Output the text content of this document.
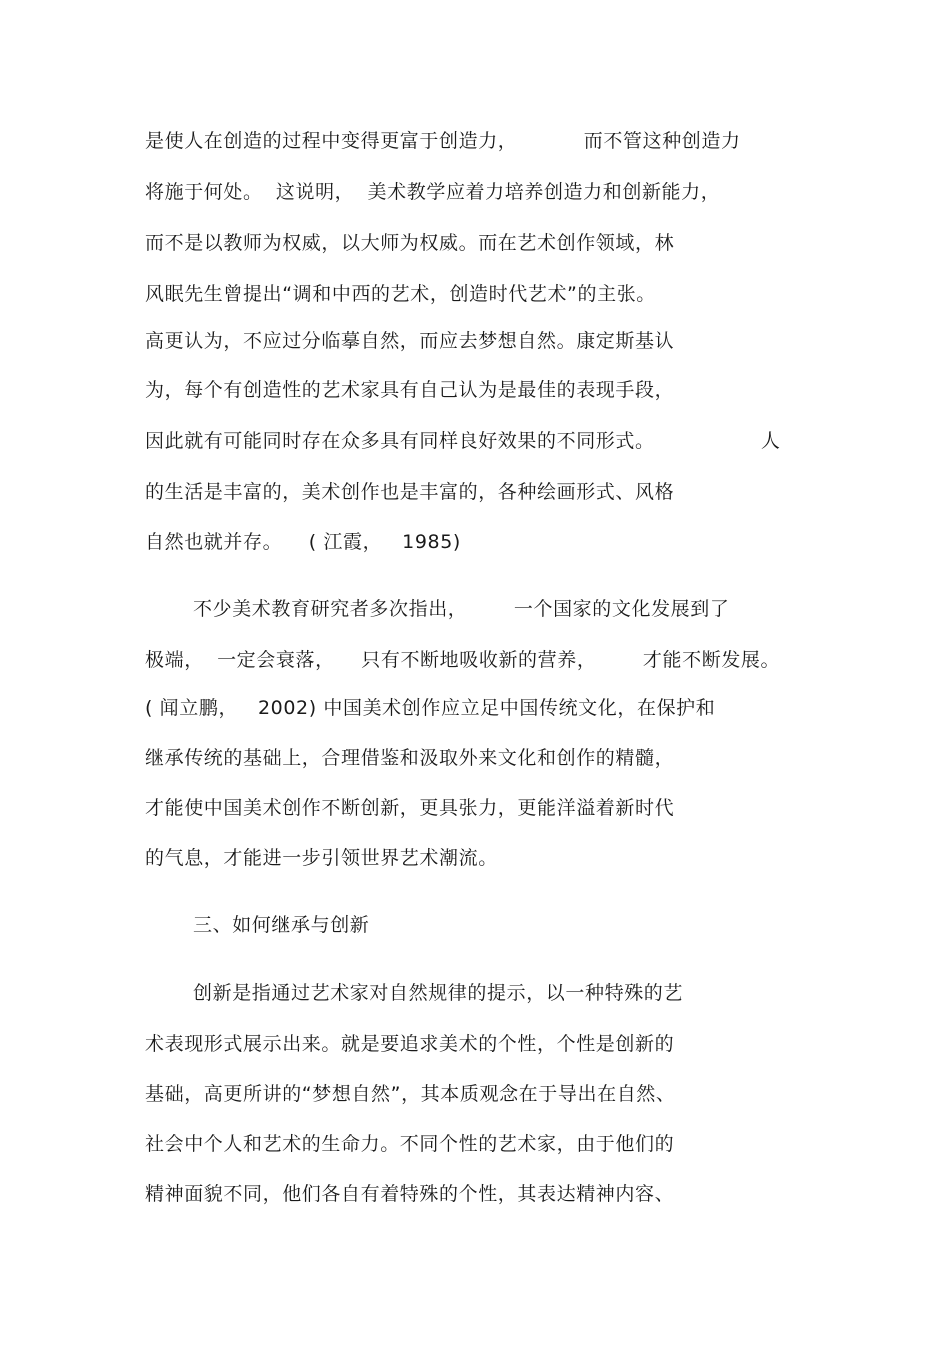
是使人在创造的过程中变得更富于创造力，          而不管这种创造力
将施于何处。  这说明，  美术教学应着力培养创造力和创新能力，
而不是以教师为权威，以大师为权威。而在艺术创作领域，林
风眠先生曾提出“调和中西的艺术，创造时代艺术”的主张。
高更认为，不应过分临摹自然，而应去梦想自然。康定斯基认
为，每个有创造性的艺术家具有自己认为是最佳的表现手段，
因此就有可能同时存在众多具有同样良好效果的不同形式。                人
的生活是丰富的，美术创作也是丰富的，各种绘画形式、风格
自然也就并存。    ( 江霞，   1985)
不少美术教育研究者多次指出，       一个国家的文化发展到了
极端，  一定会衰落，    只有不断地吸收新的营养，       才能不断发展。
( 闻立鹏，   2002) 中国美术创作应立足中国传统文化，在保护和
继承传统的基础上，合理借鉴和汲取外来文化和创作的精髓，
才能使中国美术创作不断创新，更具张力，更能洋溢着新时代
的气息，才能进一步引领世界艺术潮流。
三、如何继承与创新
创新是指通过艺术家对自然规律的提示，以一种特殊的艺
术表现形式展示出来。就是要追求美术的个性，个性是创新的
基础，高更所讲的“梦想自然”，其本质观念在于导出在自然、
社会中个人和艺术的生命力。不同个性的艺术家，由于他们的
精神面貌不同，他们各自有着特殊的个性，其表达精神内容、
